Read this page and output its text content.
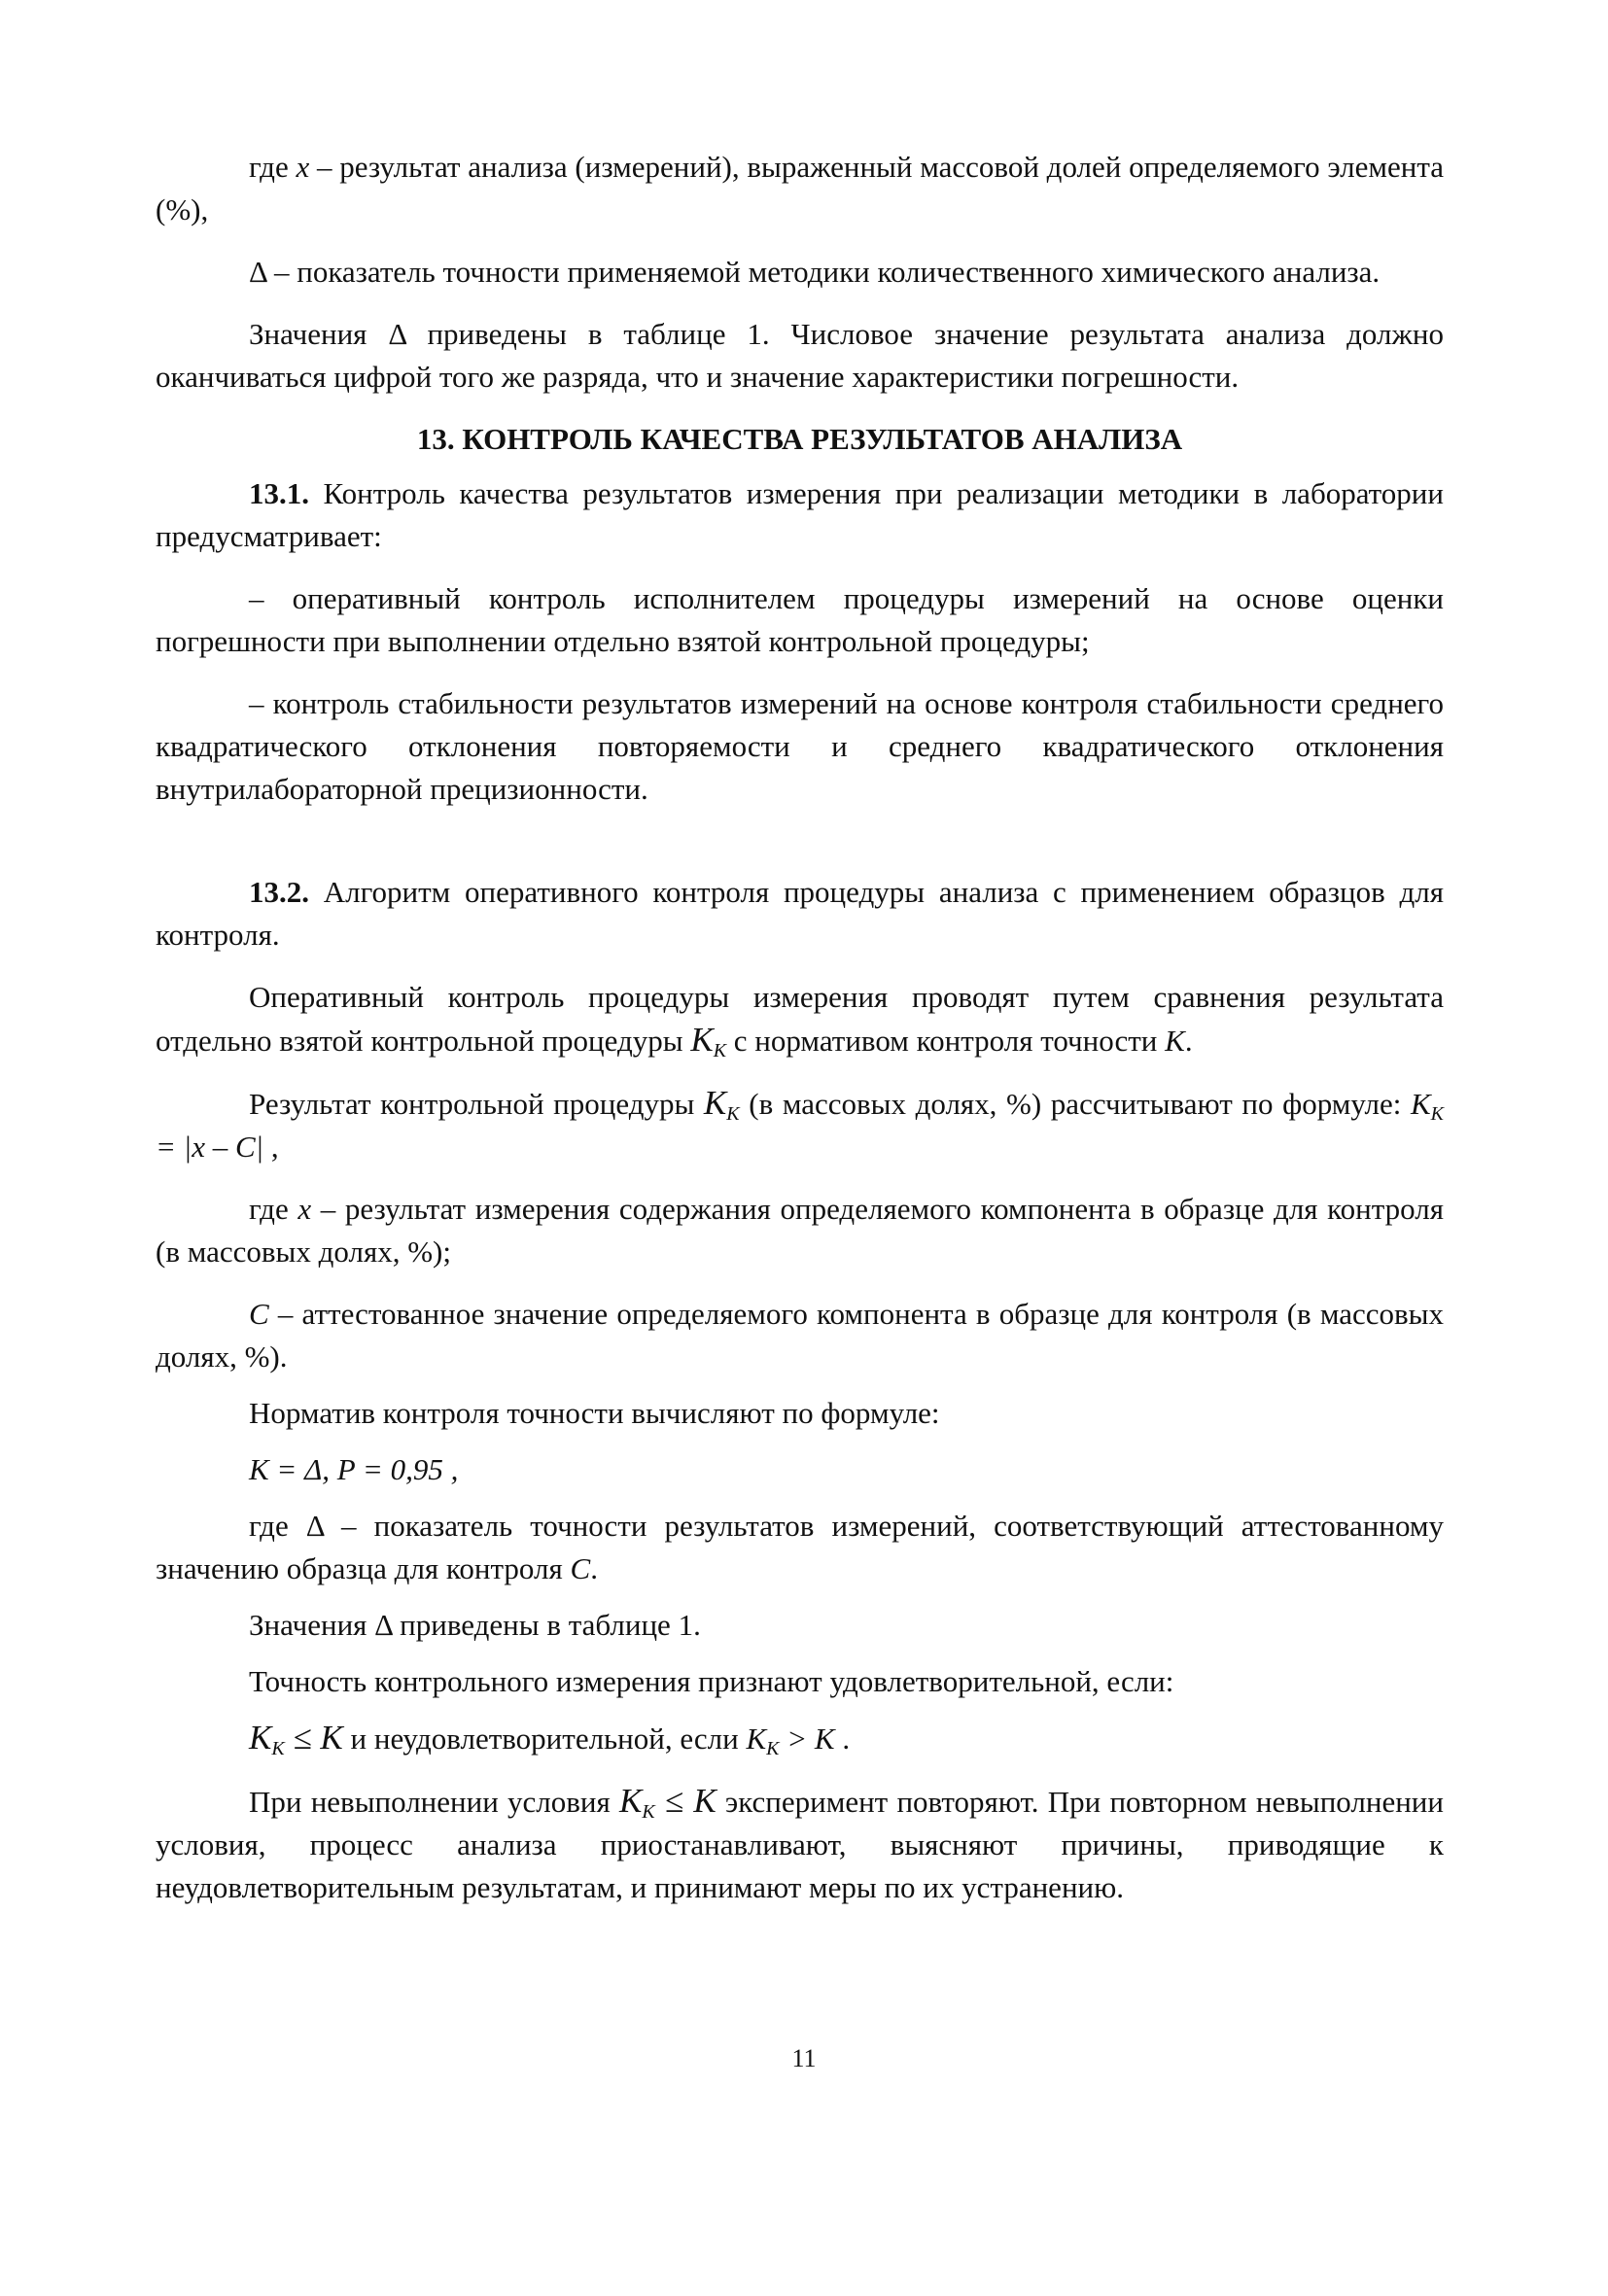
где x – результат анализа (измерений), выраженный массовой долей определяемого элемента (%),

Δ – показатель точности применяемой методики количественного химического анализа.

Значения Δ приведены в таблице 1. Числовое значение результата анализа должно оканчиваться цифрой того же разряда, что и значение характеристики погрешности.

13. КОНТРОЛЬ КАЧЕСТВА РЕЗУЛЬТАТОВ АНАЛИЗА

13.1. Контроль качества результатов измерения при реализации методики в лаборатории предусматривает:

– оперативный контроль исполнителем процедуры измерений на основе оценки погрешности при выполнении отдельно взятой контрольной процедуры;

– контроль стабильности результатов измерений на основе контроля стабильности среднего квадратического отклонения повторяемости и среднего квадратического отклонения внутрилабораторной прецизионности.

13.2. Алгоритм оперативного контроля процедуры анализа с применением образцов для контроля.

Оперативный контроль процедуры измерения проводят путем сравнения результата отдельно взятой контрольной процедуры $K_K$ с нормативом контроля точности K.

Результат контрольной процедуры $K_K$ (в массовых долях, %) рассчитывают по формуле: $K_K = |x - C|$ ,

где x – результат измерения содержания определяемого компонента в образце для контроля (в массовых долях, %);

C – аттестованное значение определяемого компонента в образце для контроля (в массовых долях, %).

Норматив контроля точности вычисляют по формуле:

K = Δ, P = 0,95 ,

где Δ – показатель точности результатов измерений, соответствующий аттестованному значению образца для контроля C.

Значения Δ приведены в таблице 1.

Точность контрольного измерения признают удовлетворительной, если:

$K_K \le K$ и неудовлетворительной, если $K_K > K$ .

При невыполнении условия $K_K \le K$ эксперимент повторяют. При повторном невыполнении условия, процесс анализа приостанавливают, выясняют причины, приводящие к неудовлетворительным результатам, и принимают меры по их устранению.

11
